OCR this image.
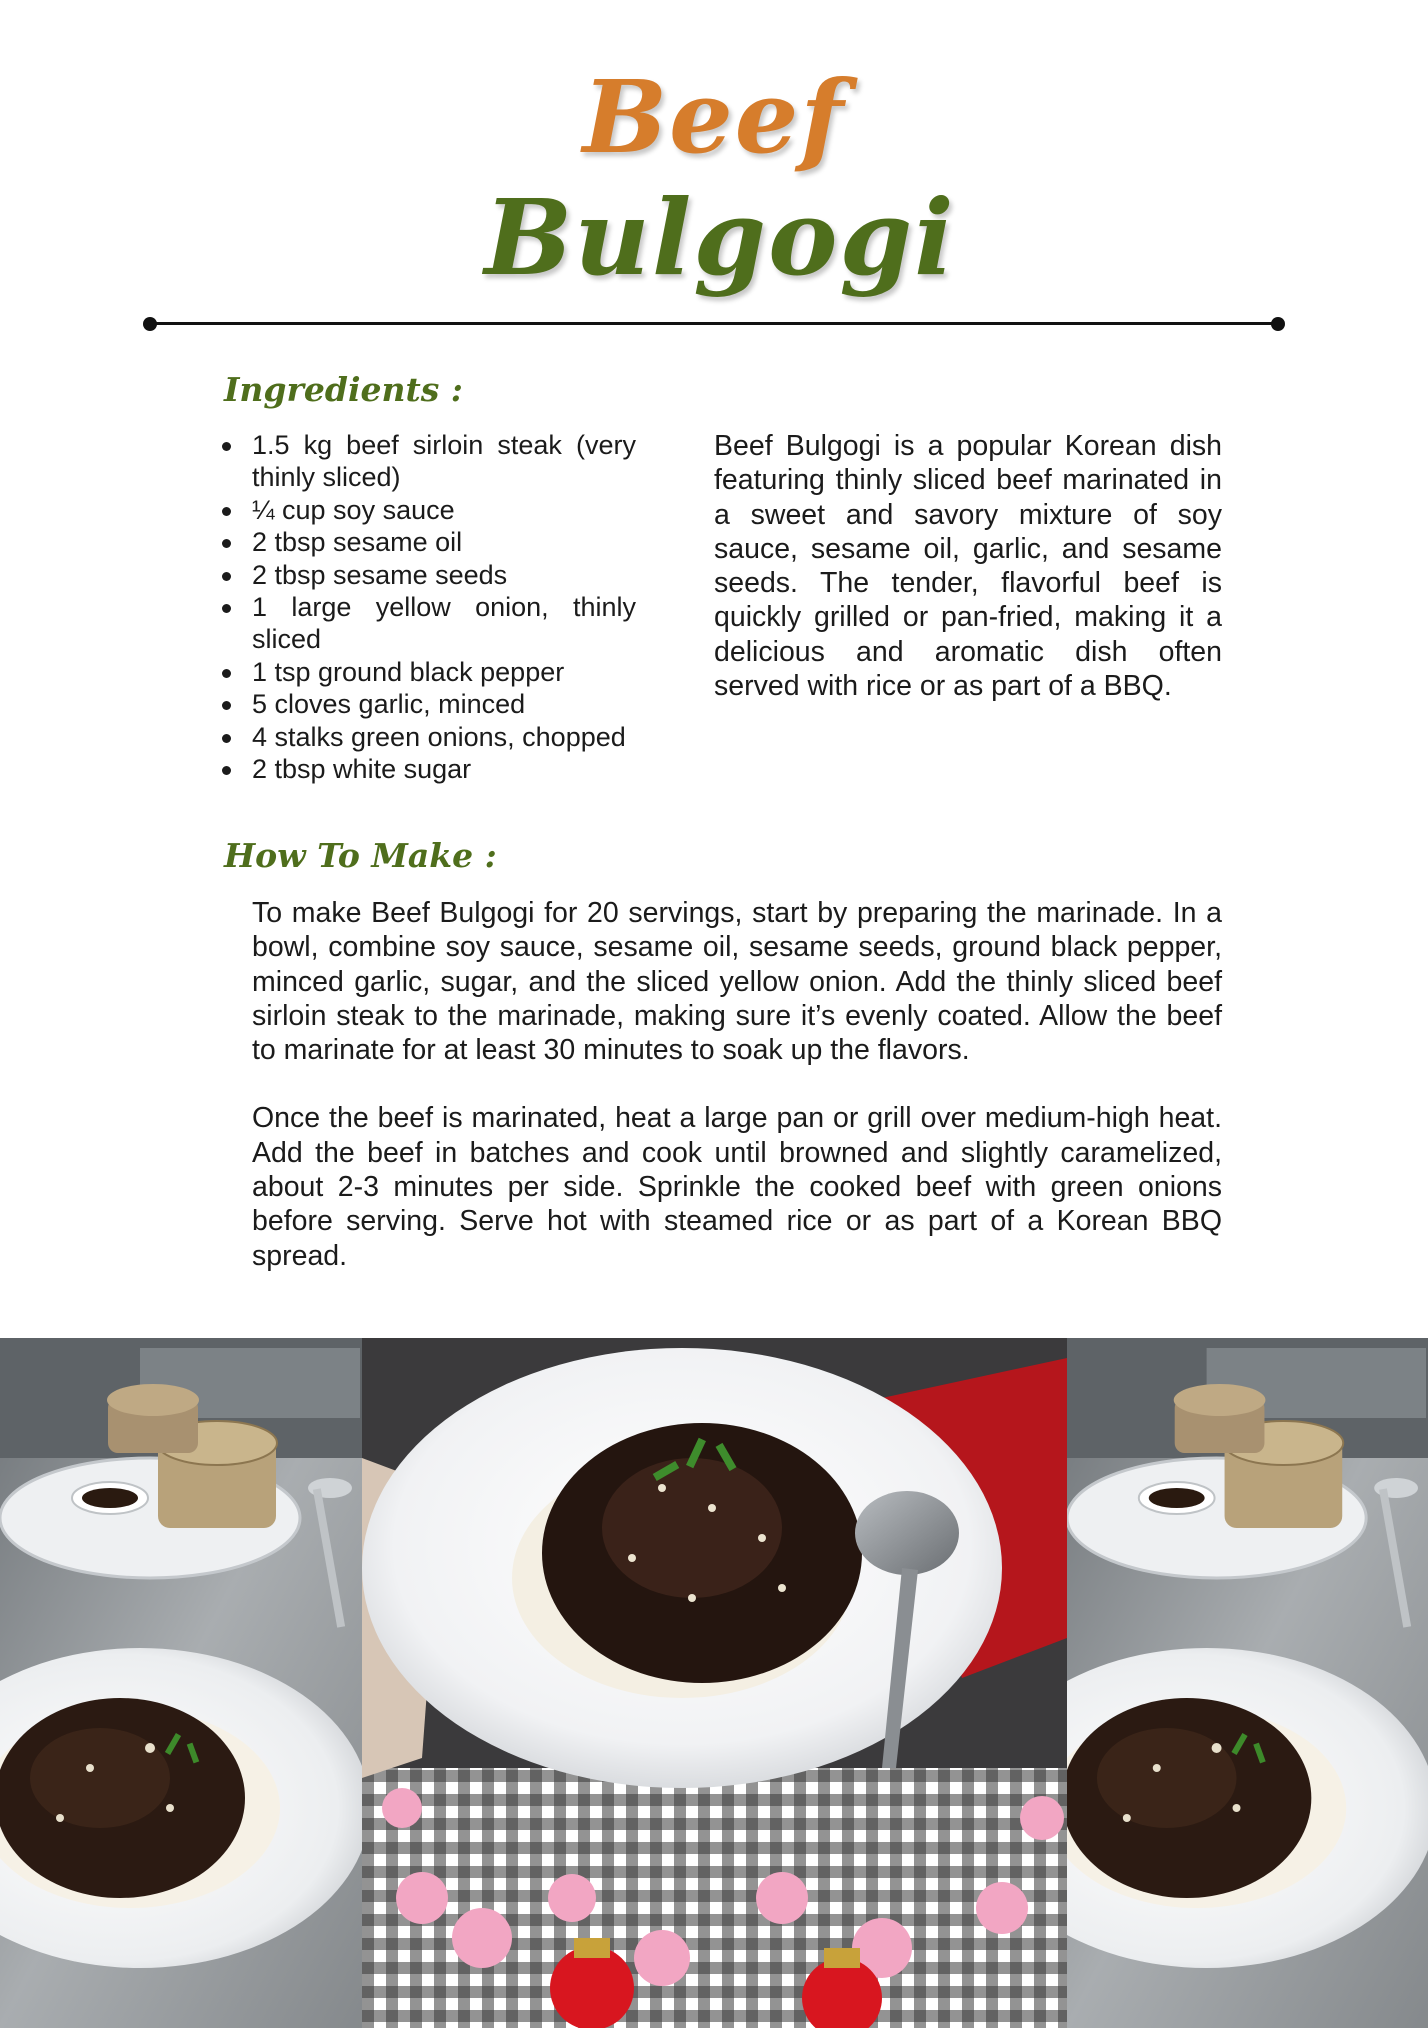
Beef
Bulgogi
Ingredients :
1.5 kg beef sirloin steak (very thinly sliced)
¼ cup soy sauce
2 tbsp sesame oil
2 tbsp sesame seeds
1 large yellow onion, thinly sliced
1 tsp ground black pepper
5 cloves garlic, minced
4 stalks green onions, chopped
2 tbsp white sugar

Beef Bulgogi is a popular Korean dish featuring thinly sliced beef marinated in a sweet and savory mixture of soy sauce, sesame oil, garlic, and sesame seeds. The tender, flavorful beef is quickly grilled or pan-fried, making it a delicious and aromatic dish often served with rice or as part of a BBQ.

How To Make :

To make Beef Bulgogi for 20 servings, start by preparing the marinade. In a bowl, combine soy sauce, sesame oil, sesame seeds, ground black pepper, minced garlic, sugar, and the sliced yellow onion. Add the thinly sliced beef sirloin steak to the marinade, making sure it’s evenly coated. Allow the beef to marinate for at least 30 minutes to soak up the flavors.

Once the beef is marinated, heat a large pan or grill over medium-high heat. Add the beef in batches and cook until browned and slightly caramelized, about 2-3 minutes per side. Sprinkle the cooked beef with green onions before serving. Serve hot with steamed rice or as part of a Korean BBQ spread.
